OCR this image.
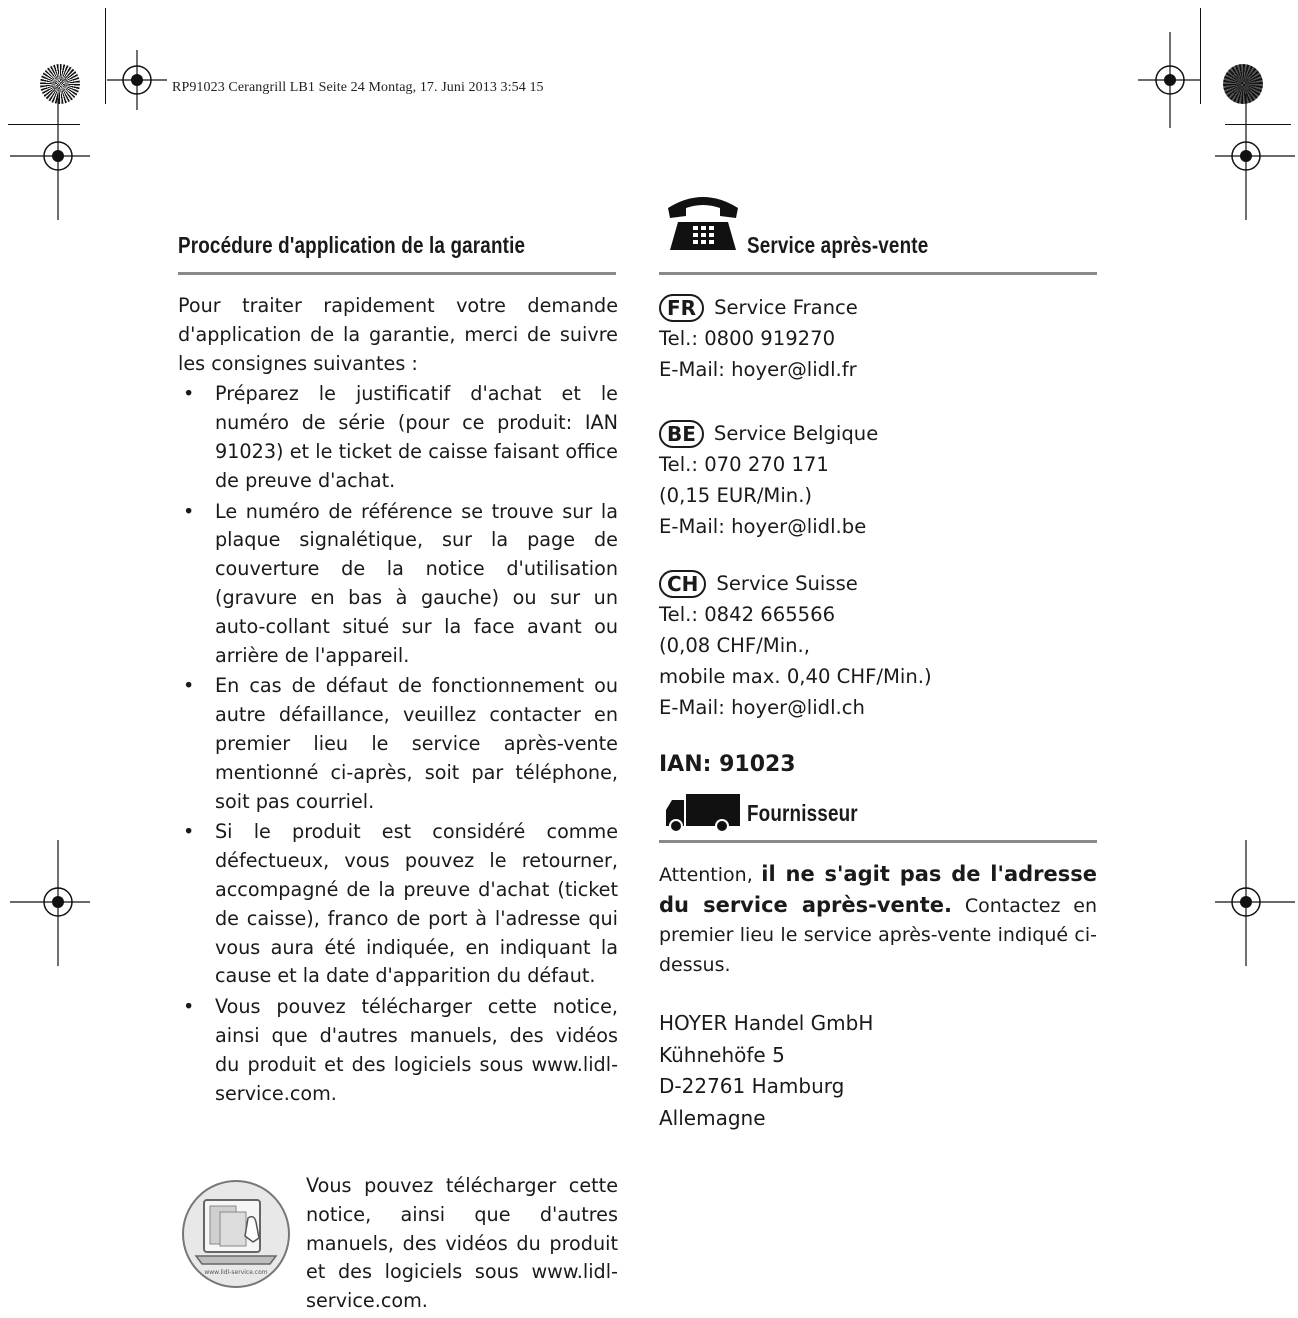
RP91023 Cerangrill LB1 Seite 24 Montag, 17. Juni 2013 3:54 15
Procédure d'application de la garantie

Pour traiter rapidement votre demande d'application de la garantie, merci de suivre les consignes suivantes :

• Préparez le justificatif d'achat et le numéro de série (pour ce produit: IAN 91023) et le ticket de caisse faisant office de preuve d'achat.
• Le numéro de référence se trouve sur la plaque signalétique, sur la page de couverture de la notice d'utilisation (gravure en bas à gauche) ou sur un auto-collant situé sur la face avant ou arrière de l'appareil.
• En cas de défaut de fonctionnement ou autre défaillance, veuillez contacter en premier lieu le service après-vente mentionné ci-après, soit par téléphone, soit pas courriel.
• Si le produit est considéré comme défectueux, vous pouvez le retourner, accompagné de la preuve d'achat (ticket de caisse), franco de port à l'adresse qui vous aura été indiquée, en indiquant la cause et la date d'apparition du défaut.
• Vous pouvez télécharger cette notice, ainsi que d'autres manuels, des vidéos du produit et des logiciels sous www.lidl-service.com.
www.lidl-service.com
Vous pouvez télécharger cette notice, ainsi que d'autres manuels, des vidéos du produit et des logiciels sous www.lidl-service.com.
Service après-vente
FR Service France
Tel.: 0800 919270
E-Mail: hoyer@lidl.fr
BE Service Belgique
Tel.: 070 270 171
(0,15 EUR/Min.)
E-Mail: hoyer@lidl.be
CH Service Suisse
Tel.: 0842 665566
(0,08 CHF/Min.,
mobile max. 0,40 CHF/Min.)
E-Mail: hoyer@lidl.ch
IAN: 91023
Fournisseur
Attention, il ne s'agit pas de l'adresse du service après-vente. Contactez en premier lieu le service après-vente indiqué ci-dessus.
HOYER Handel GmbH
Kühnehöfe 5
D-22761 Hamburg
Allemagne
